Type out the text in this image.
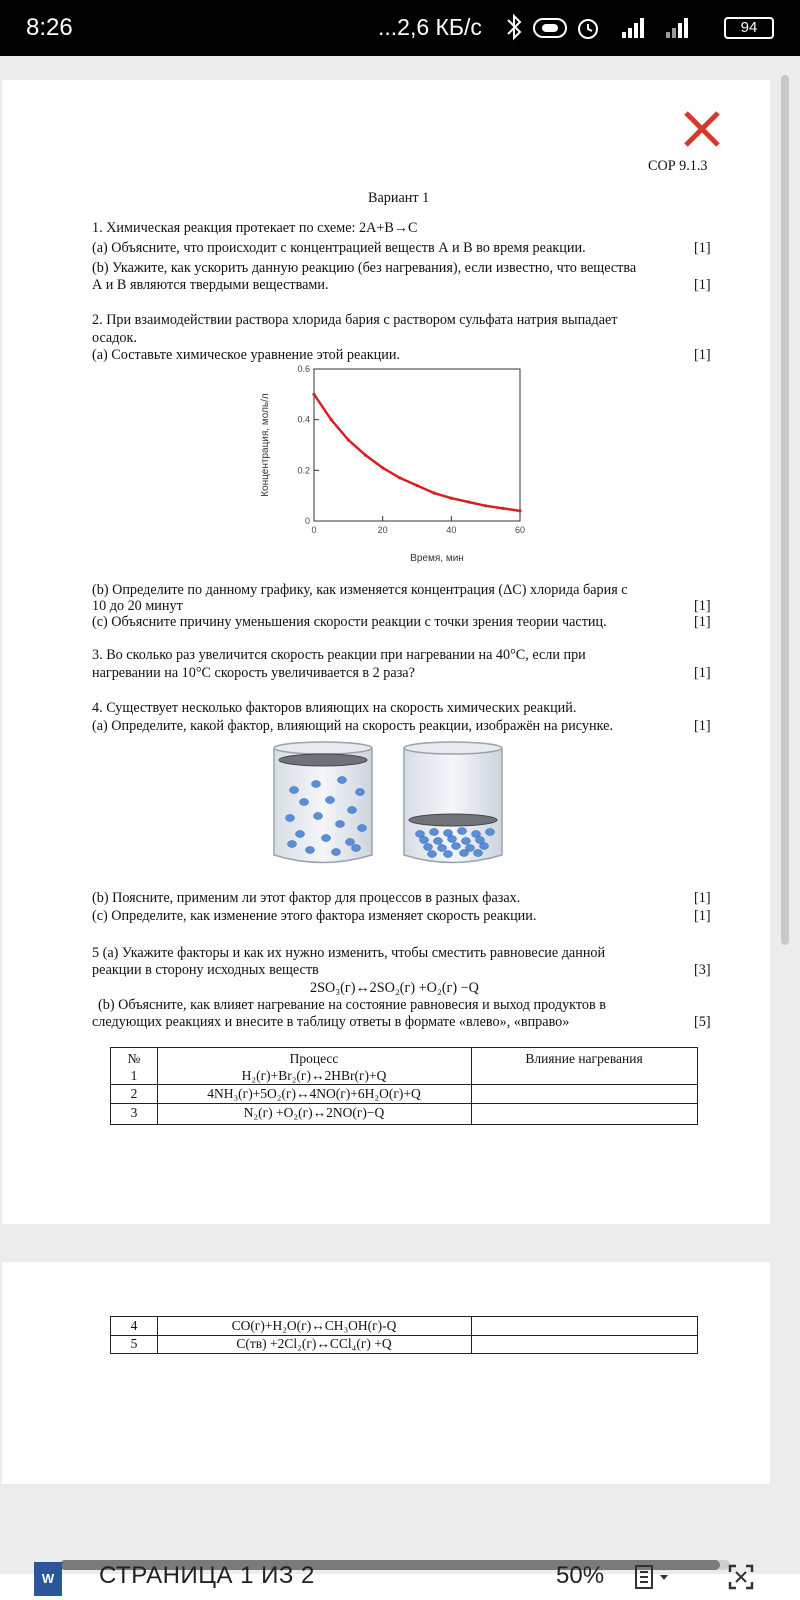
8:26	...2,6 КБ/с	94
СОР 9.1.3
Вариант 1
1. Химическая реакция протекает по схеме: 2А+В→С
(а) Объясните, что происходит с концентрацией веществ А и В во время реакции.	[1]
(b) Укажите, как ускорить данную реакцию (без нагревания), если известно, что вещества
А и В являются твердыми веществами.	[1]
2. При взаимодействии раствора хлорида бария с раствором сульфата натрия выпадает
осадок.
(а) Составьте химическое уравнение этой реакции.	[1]
0	20	40	60
0
0.2
0.4
0.6
Время, мин
Концентрация, моль/л
(b) Определите по данному графику, как изменяется концентрация (ΔС) хлорида бария с
10 до 20 минут	[1]
(с) Объясните причину уменьшения скорости реакции с точки зрения теории частиц.	[1]
3. Во сколько раз увеличится скорость реакции при нагревании на 40°С, если при
нагревании на 10°С скорость увеличивается в 2 раза?	[1]
4. Существует несколько факторов влияющих на скорость химических реакций.
(а) Определите, какой фактор, влияющий на скорость реакции, изображён на рисунке.	[1]
(b) Поясните, применим ли этот фактор для процессов в разных фазах.	[1]
(с) Определите, как изменение этого фактора изменяет скорость реакции.	[1]
5 (а) Укажите факторы и как их нужно изменить, чтобы сместить равновесие данной
реакции в сторону исходных веществ	[3]
2SO₃(г)↔2SO₂(г) +O₂(г) −Q
(b) Объясните, как влияет нагревание на состояние равновесия и выход продуктов в
следующих реакциях и внесите в таблицу ответы в формате «влево», «вправо»	[5]
№	Процесс	Влияние нагревания
1	H₂(г)+Br₂(г)↔2HBr(г)+Q
2	4NH₃(г)+5O₂(г)↔4NO(г)+6H₂O(г)+Q
3	N₂(г) +O₂(г)↔2NO(г)−Q
4	CO(г)+H₂O(г)↔CH₃OH(г)-Q
5	C(тв) +2Cl₂(г)↔CCl₄(г) +Q
W	СТРАНИЦА 1 ИЗ 2	50%
